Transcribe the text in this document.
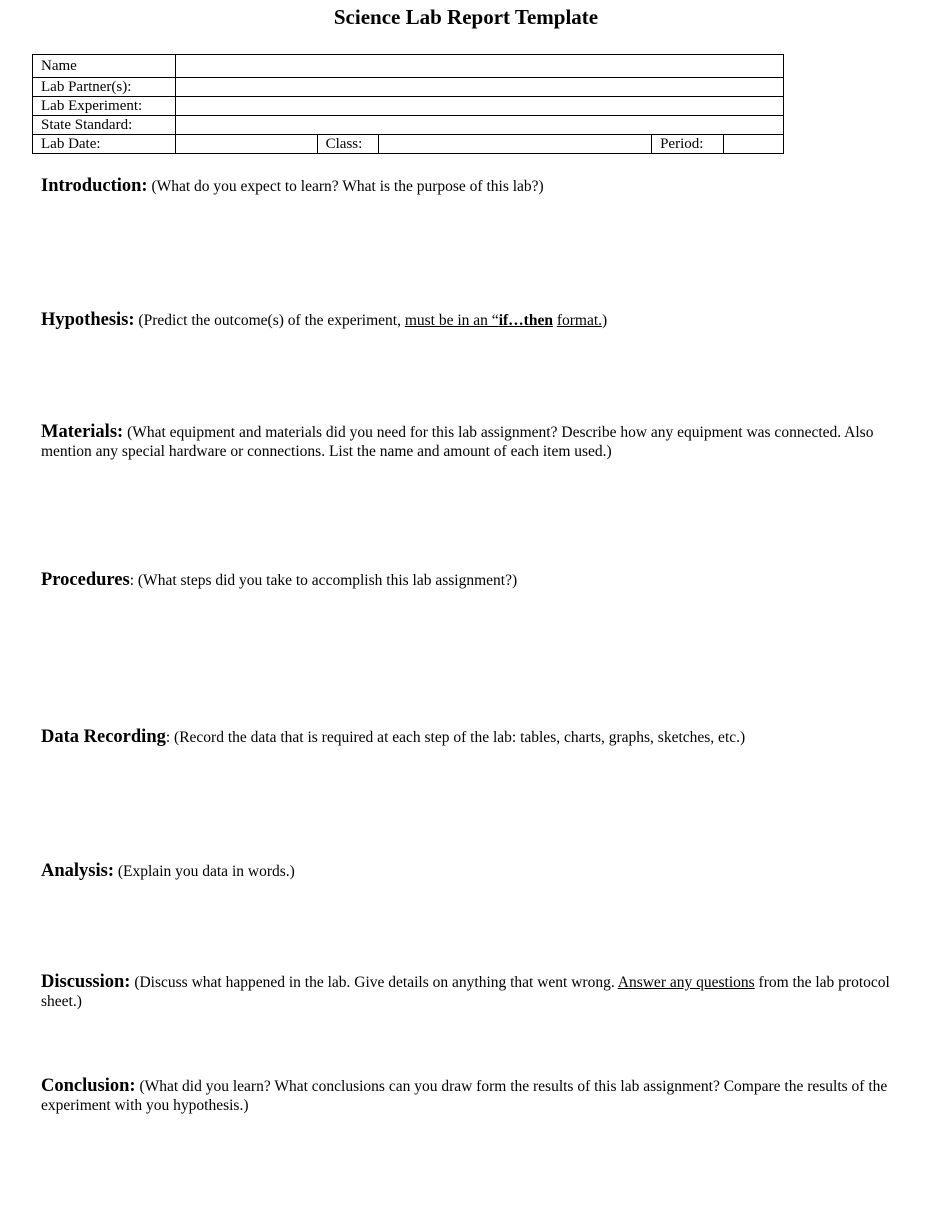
Science Lab Report Template
Name					
Lab Partner(s):					
Lab Experiment:					
State Standard:					
Lab Date:		Class:		Period:	
Introduction: (What do you expect to learn? What is the purpose of this lab?)
Hypothesis: (Predict the outcome(s) of the experiment, must be in an “if…then format.)
Materials: (What equipment and materials did you need for this lab assignment? Describe how any equipment was connected. Also mention any special hardware or connections. List the name and amount of each item used.)
Procedures: (What steps did you take to accomplish this lab assignment?)
Data Recording: (Record the data that is required at each step of the lab: tables, charts, graphs, sketches, etc.)
Analysis: (Explain you data in words.)
Discussion: (Discuss what happened in the lab. Give details on anything that went wrong. Answer any questions from the lab protocol sheet.)
Conclusion: (What did you learn? What conclusions can you draw form the results of this lab assignment? Compare the results of the experiment with you hypothesis.)
